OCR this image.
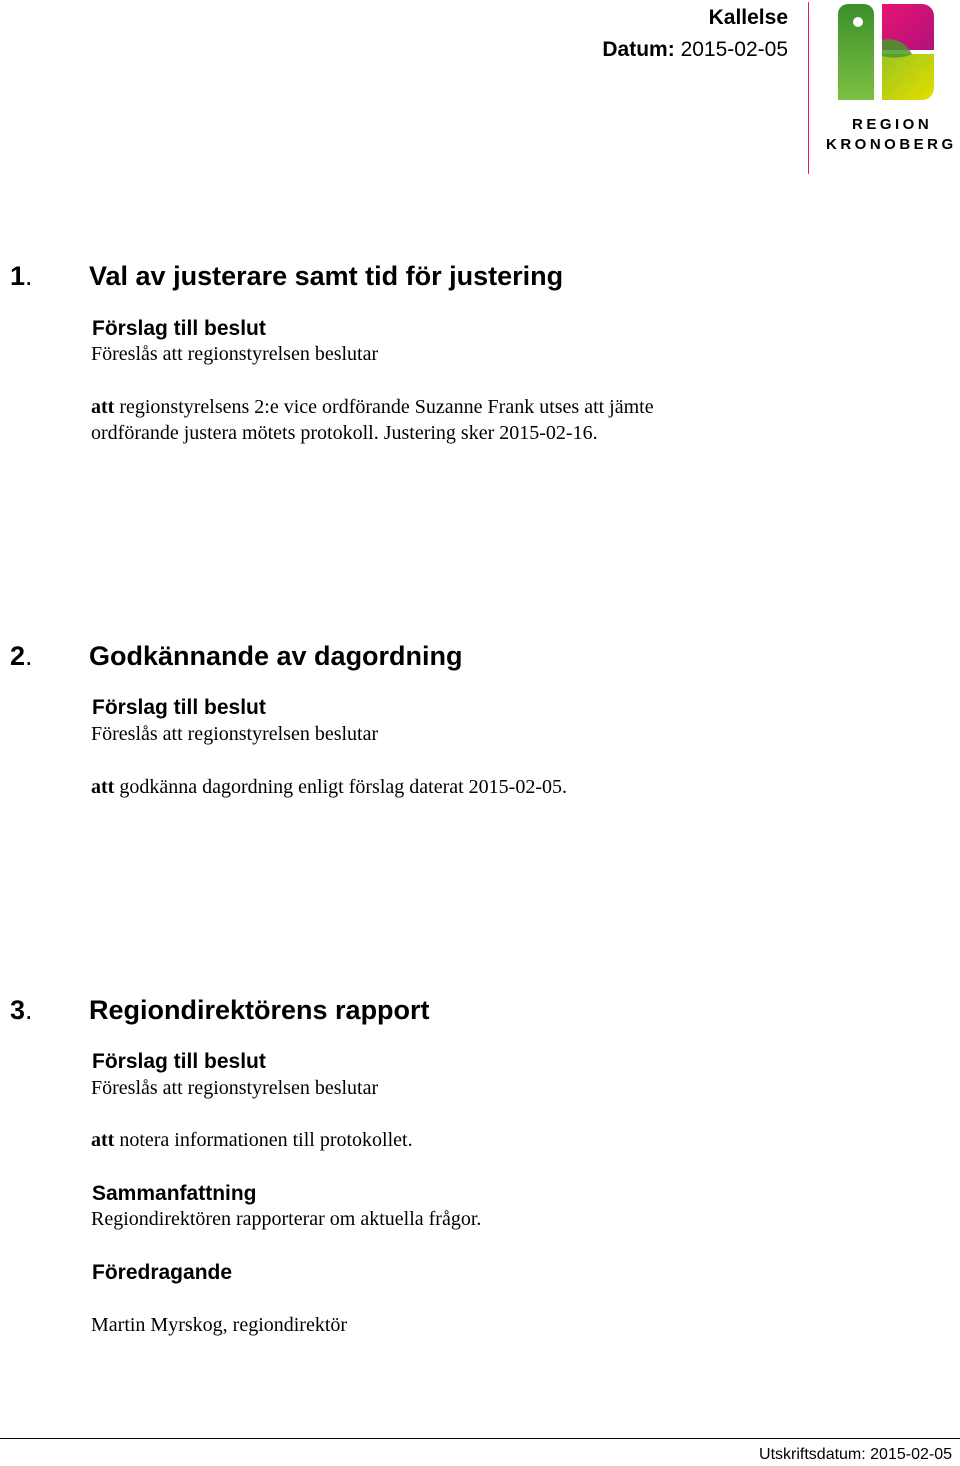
Kallelse
Datum: 2015-02-05
REGION
KRONOBERG
1. Val av justerare samt tid för justering
Förslag till beslut
Föreslås att regionstyrelsen beslutar
att regionstyrelsens 2:e vice ordförande Suzanne Frank utses att jämte
ordförande justera mötets protokoll. Justering sker 2015-02-16.
2. Godkännande av dagordning
Förslag till beslut
Föreslås att regionstyrelsen beslutar
att godkänna dagordning enligt förslag daterat 2015-02-05.
3. Regiondirektörens rapport
Förslag till beslut
Föreslås att regionstyrelsen beslutar
att notera informationen till protokollet.
Sammanfattning
Regiondirektören rapporterar om aktuella frågor.
Föredragande
Martin Myrskog, regiondirektör
Utskriftsdatum: 2015-02-05
